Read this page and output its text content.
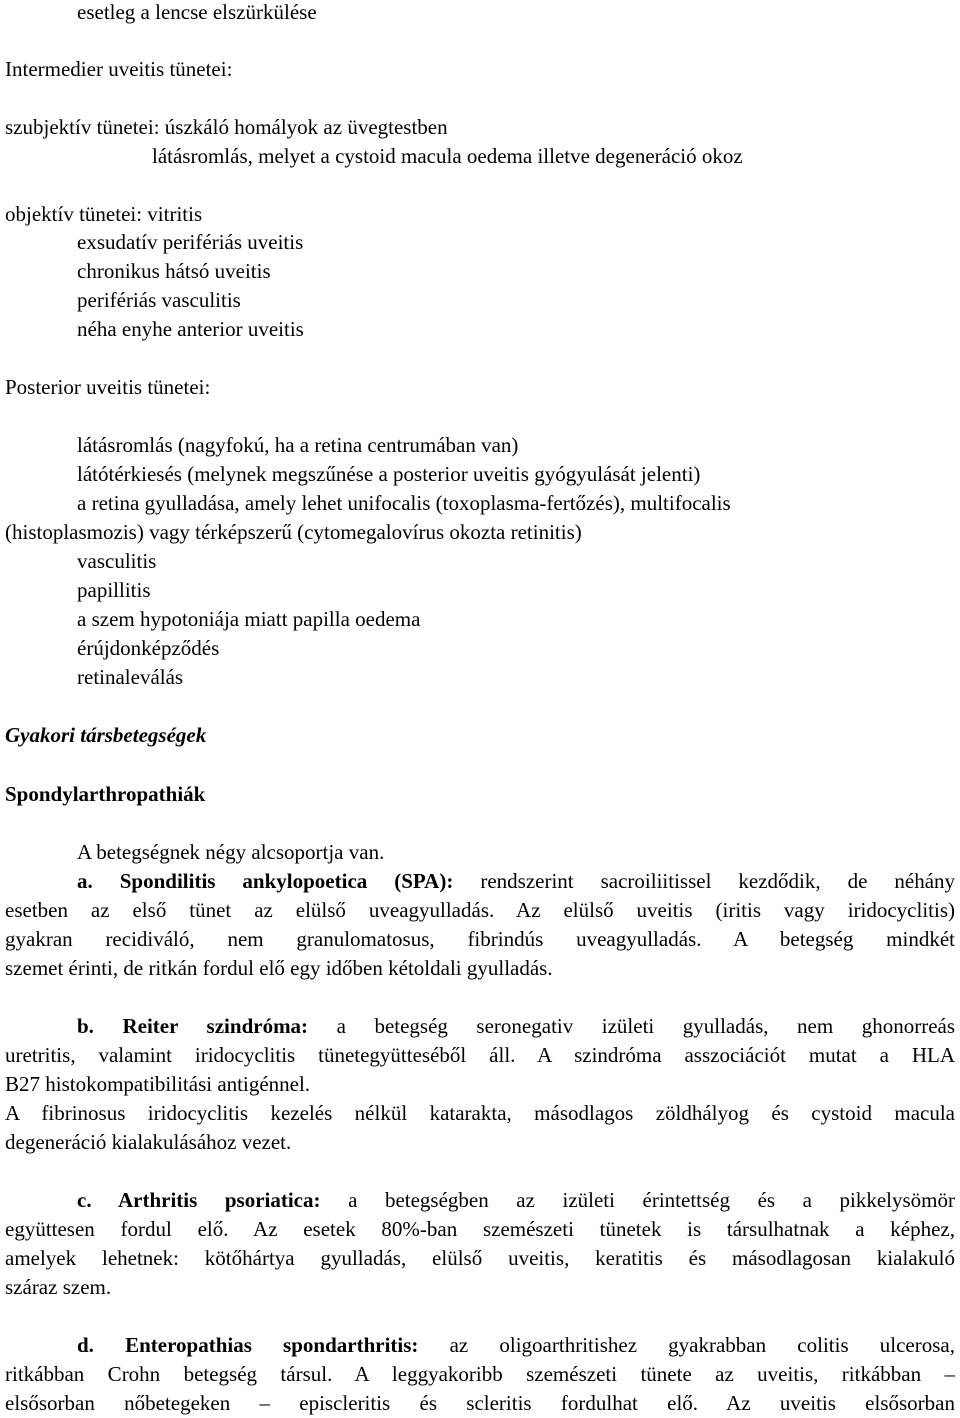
esetleg a lencse elszürkülése
Intermedier uveitis tünetei:
szubjektív tünetei: úszkáló homályok az üvegtestben
látásromlás, melyet a cystoid macula oedema illetve degeneráció okoz
objektív tünetei: vitritis
exsudatív perifériás uveitis
chronikus hátsó uveitis
perifériás vasculitis
néha enyhe anterior uveitis
Posterior uveitis tünetei:
látásromlás (nagyfokú, ha a retina centrumában van)
látótérkiesés (melynek megszűnése a posterior uveitis gyógyulását jelenti)
a retina gyulladása, amely lehet unifocalis (toxoplasma-fertőzés), multifocalis
(histoplasmozis) vagy térképszerű (cytomegalovírus okozta retinitis)
vasculitis
papillitis
a szem hypotoniája miatt papilla oedema
érújdonképződés
retinaleválás
Gyakori társbetegségek
Spondylarthropathiák
A betegségnek négy alcsoportja van.
a. Spondilitis ankylopoetica (SPA): rendszerint sacroiliitissel kezdődik, de néhány
esetben az első tünet az elülső uveagyulladás. Az elülső uveitis (iritis vagy iridocyclitis)
gyakran recidiváló, nem granulomatosus, fibrindús uveagyulladás. A betegség mindkét
szemet érinti, de ritkán fordul elő egy időben kétoldali gyulladás.
b. Reiter szindróma: a betegség seronegativ izületi gyulladás, nem ghonorreás
uretritis, valamint iridocyclitis tünetegyütteséből áll. A szindróma asszociációt mutat a HLA
B27 histokompatibilitási antigénnel.
A fibrinosus iridocyclitis kezelés nélkül katarakta, másodlagos zöldhályog és cystoid macula
degeneráció kialakulásához vezet.
c. Arthritis psoriatica: a betegségben az izületi érintettség és a pikkelysömör
együttesen fordul elő. Az esetek 80%-ban szemészeti tünetek is társulhatnak a képhez,
amelyek lehetnek: kötőhártya gyulladás, elülső uveitis, keratitis és másodlagosan kialakuló
száraz szem.
d. Enteropathias spondarthritis: az oligoarthritishez gyakrabban colitis ulcerosa,
ritkábban Crohn betegség társul. A leggyakoribb szemészeti tünete az uveitis, ritkábban –
elsősorban nőbetegeken – episcleritis és scleritis fordulhat elő. Az uveitis elsősorban
